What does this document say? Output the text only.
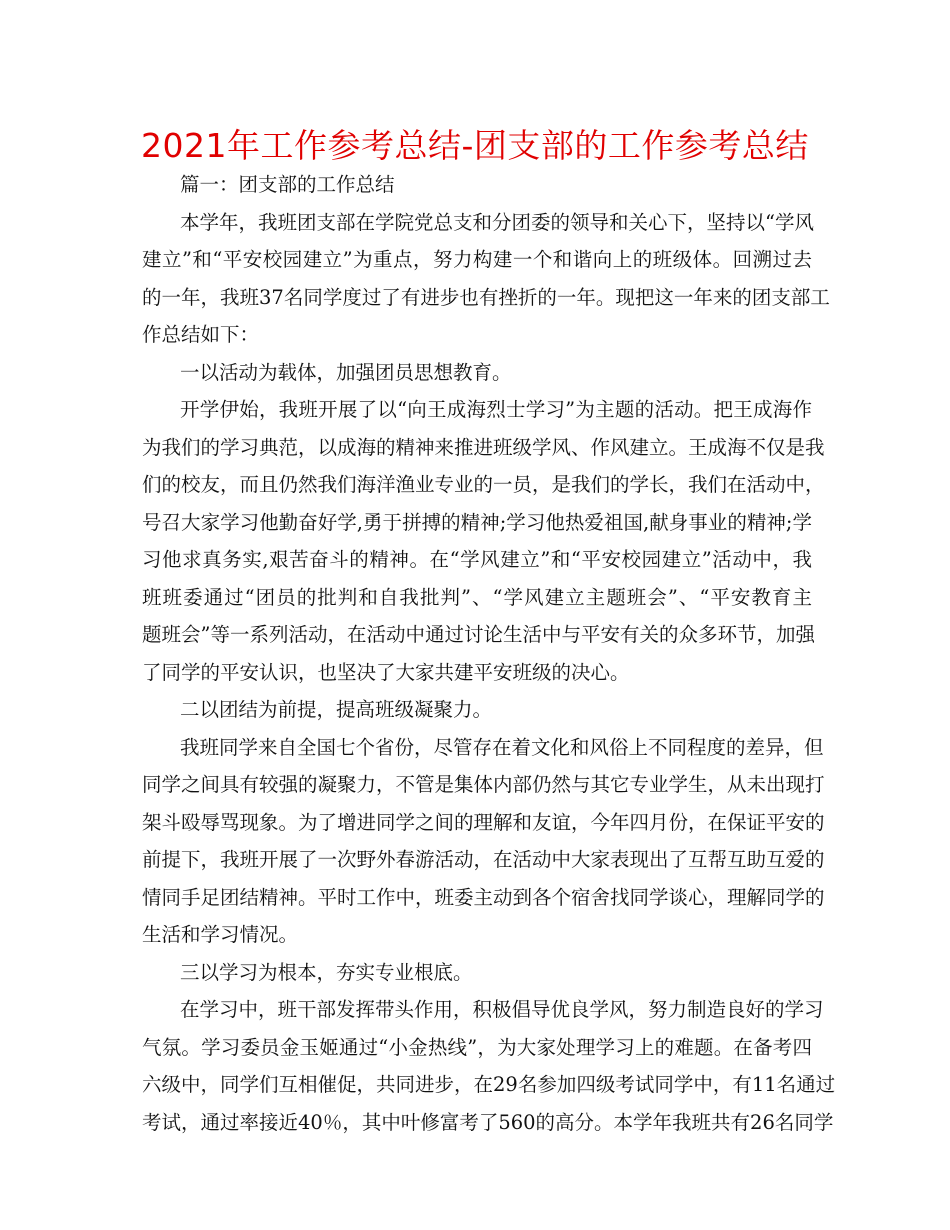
2021年工作参考总结-团支部的工作参考总结
篇一：团支部的工作总结
本学年，我班团支部在学院党总支和分团委的领导和关心下，坚持以“学风
建立”和“平安校园建立”为重点，努力构建一个和谐向上的班级体。回溯过去
的一年，我班37名同学度过了有进步也有挫折的一年。现把这一年来的团支部工
作总结如下：
一以活动为载体，加强团员思想教育。
开学伊始，我班开展了以“向王成海烈士学习”为主题的活动。把王成海作
为我们的学习典范，以成海的精神来推进班级学风、作风建立。王成海不仅是我
们的校友，而且仍然我们海洋渔业专业的一员，是我们的学长，我们在活动中，
号召大家学习他勤奋好学,勇于拼搏的精神;学习他热爱祖国,献身事业的精神;学
习他求真务实,艰苦奋斗的精神。在“学风建立”和“平安校园建立”活动中，我
班班委通过“团员的批判和自我批判”、“学风建立主题班会”、“平安教育主
题班会”等一系列活动，在活动中通过讨论生活中与平安有关的众多环节，加强
了同学的平安认识，也坚决了大家共建平安班级的决心。
二以团结为前提，提高班级凝聚力。
我班同学来自全国七个省份，尽管存在着文化和风俗上不同程度的差异，但
同学之间具有较强的凝聚力，不管是集体内部仍然与其它专业学生，从未出现打
架斗殴辱骂现象。为了增进同学之间的理解和友谊，今年四月份，在保证平安的
前提下，我班开展了一次野外春游活动，在活动中大家表现出了互帮互助互爱的
情同手足团结精神。平时工作中，班委主动到各个宿舍找同学谈心，理解同学的
生活和学习情况。
三以学习为根本，夯实专业根底。
在学习中，班干部发挥带头作用，积极倡导优良学风，努力制造良好的学习
气氛。学习委员金玉姬通过“小金热线”，为大家处理学习上的难题。在备考四
六级中，同学们互相催促，共同进步，在29名参加四级考试同学中，有11名通过
考试，通过率接近40％，其中叶修富考了560的高分。本学年我班共有26名同学
